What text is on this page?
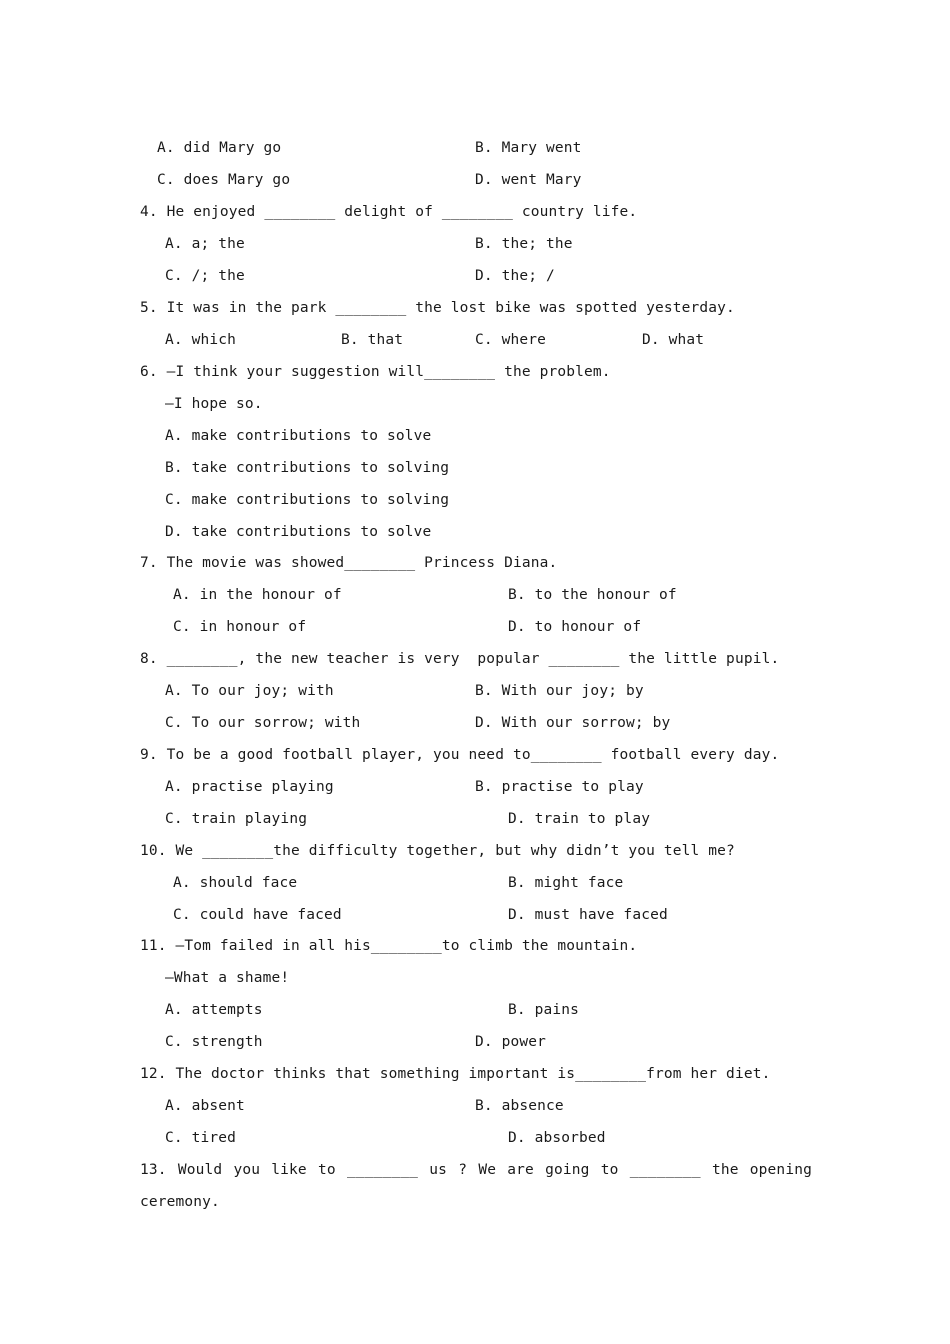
A. did Mary go	B. Mary went
C. does Mary go	D. went Mary
4. He enjoyed ________ delight of ________ country life.
A. a; the	B. the; the
C. /; the	D. the; /
5. It was in the park ________ the lost bike was spotted yesterday.
A. which	B. that	C. where	D. what
6. —I think your suggestion will________ the problem.
—I hope so.
A. make contributions to solve
B. take contributions to solving
C. make contributions to solving
D. take contributions to solve
7. The movie was showed________ Princess Diana.
A. in the honour of	B. to the honour of
C. in honour of	D. to honour of
8. ________, the new teacher is very  popular ________ the little pupil.
A. To our joy; with	B. With our joy; by
C. To our sorrow; with	D. With our sorrow; by
9. To be a good football player, you need to________ football every day.
A. practise playing	B. practise to play
C. train playing	D. train to play
10. We ________the difficulty together, but why didn’t you tell me?
A. should face	B. might face
C. could have faced	D. must have faced
11. —Tom failed in all his________to climb the mountain.
—What a shame!
A. attempts	B. pains
C. strength	D. power
12. The doctor thinks that something important is________from her diet.
A. absent	B. absence
C. tired	D. absorbed
13. Would you like to ________ us ? We are going to ________ the opening
ceremony.
